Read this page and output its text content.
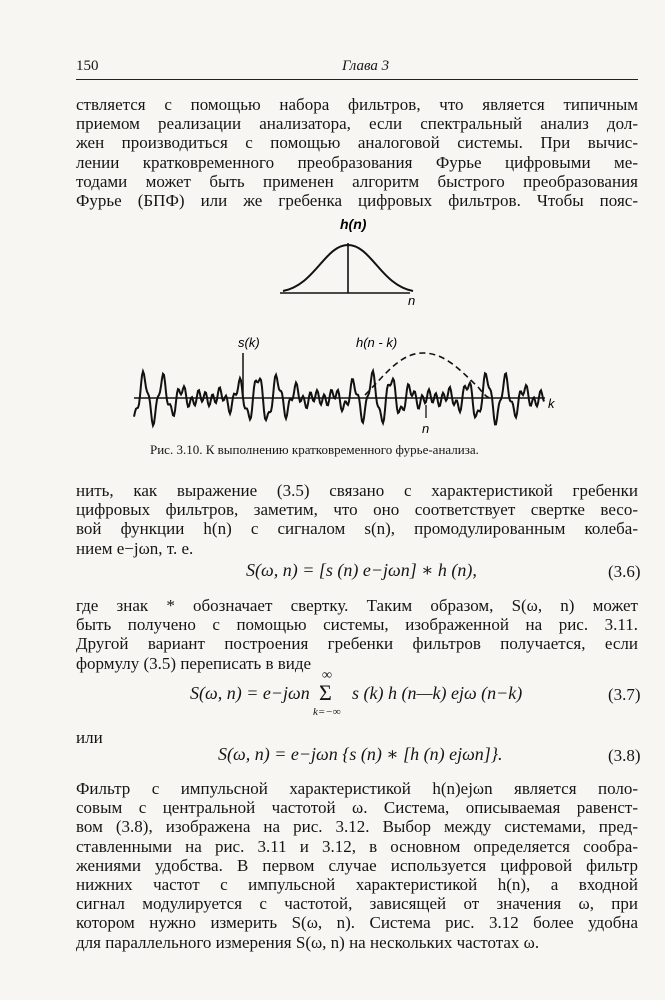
150	Глава 3
ствляется с помощью набора фильтров, что является типичным
приемом реализации анализатора, если спектральный анализ дол-
жен производиться с помощью аналоговой системы. При вычис-
лении кратковременного преобразования Фурье цифровыми ме-
тодами может быть применен алгоритм быстрого преобразования
Фурье (БПФ) или же гребенка цифровых фильтров. Чтобы пояс-
h(n)
n
s(k)	h(n - k)
k
n
Рис. 3.10. К выполнению кратковременного фурье-анализа.
нить, как выражение (3.5) связано с характеристикой гребенки
цифровых фильтров, заметим, что оно соответствует свертке весо-
вой функции h(n) с сигналом s(n), промодулированным колеба-
нием e−jωn, т. е.
S(ω, n) = [s (n) e−jωn] ∗ h (n),	(3.6)
где знак * обозначает свертку. Таким образом, S(ω, n) может
быть получено с помощью системы, изображенной на рис. 3.11.
Другой вариант построения гребенки фильтров получается, если
формулу (3.5) переписать в виде
S(ω, n) = e−jωn
∞
Σ
k=−∞
s (k) h (n—k) ejω (n−k)	(3.7)
или
S(ω, n) = e−jωn {s (n) ∗ [h (n) ejωn]}.	(3.8)
Фильтр с импульсной характеристикой h(n)ejωn является поло-
совым с центральной частотой ω. Система, описываемая равенст-
вом (3.8), изображена на рис. 3.12. Выбор между системами, пред-
ставленными на рис. 3.11 и 3.12, в основном определяется сообра-
жениями удобства. В первом случае используется цифровой фильтр
нижних частот с импульсной характеристикой h(n), а входной
сигнал модулируется с частотой, зависящей от значения ω, при
котором нужно измерить S(ω, n). Система рис. 3.12 более удобна
для параллельного измерения S(ω, n) на нескольких частотах ω.
